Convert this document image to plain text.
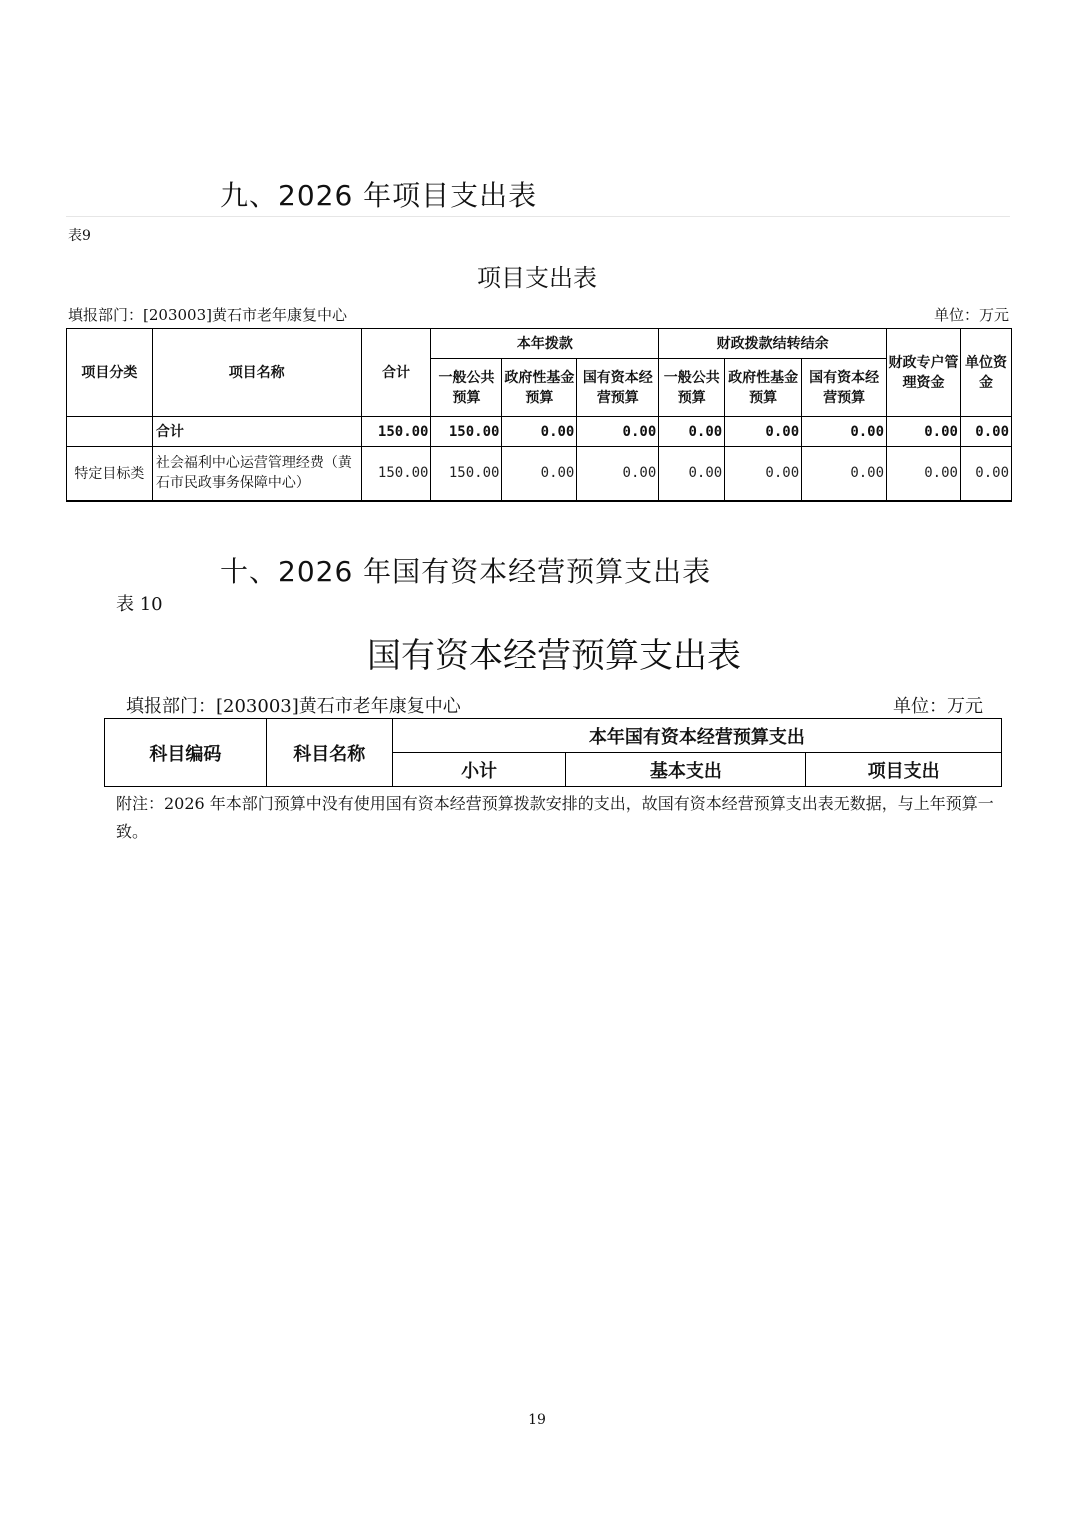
九、2026 年项目支出表
表9
项目支出表
填报部门：[203003]黄石市老年康复中心	单位：万元
项目分类	项目名称	合计	本年拨款			财政拨款结转结余			财政专户管理资金	单位资金
			一般公共预算	政府性基金预算	国有资本经营预算	一般公共预算	政府性基金预算	国有资本经营预算		
	合计	150.00	150.00	0.00	0.00	0.00	0.00	0.00	0.00	0.00
特定目标类	社会福利中心运营管理经费（黄石市民政事务保障中心）	150.00	150.00	0.00	0.00	0.00	0.00	0.00	0.00	0.00
十、2026 年国有资本经营预算支出表
表 10
国有资本经营预算支出表
填报部门：[203003]黄石市老年康复中心	单位：万元
科目编码	科目名称	本年国有资本经营预算支出		
		小计	基本支出	项目支出
附注：2026 年本部门预算中没有使用国有资本经营预算拨款安排的支出，故国有资本经营预算支出表无数据，与上年预算一致。
19
